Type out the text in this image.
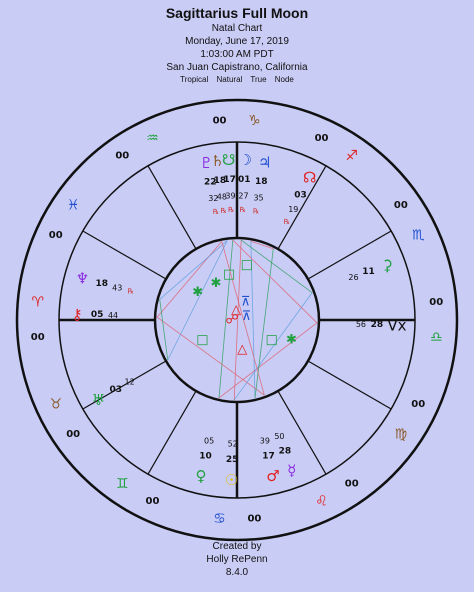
Sagittarius Full Moon
Natal Chart
Monday, June 17, 2019
1:03:00 AM PDT
San Juan Capistrano, California
Tropical Natural True Node
00
00
00
00
00
00
00
00
00
00
00
00
♈
♓
♒
♑
♐
♏
♎
♍
♌
♋
♊
♉
♇
22
32
℞
♄
18
48
℞
☋
17
39
℞
☽
01
27
℞
♃
18
35
℞
⚷ 05 44
♆ 18 43 ℞
♀
10
05
☉
25
52
♂
17
39
☿
28
50
♅
03
12
Vx
28
56
⚳
11
26
☊
03
19
℞
✱
□
□
✱
△
⊼
⊼
☍
□
△
□ ✱
Created by
Holly RePenn
8.4.0
